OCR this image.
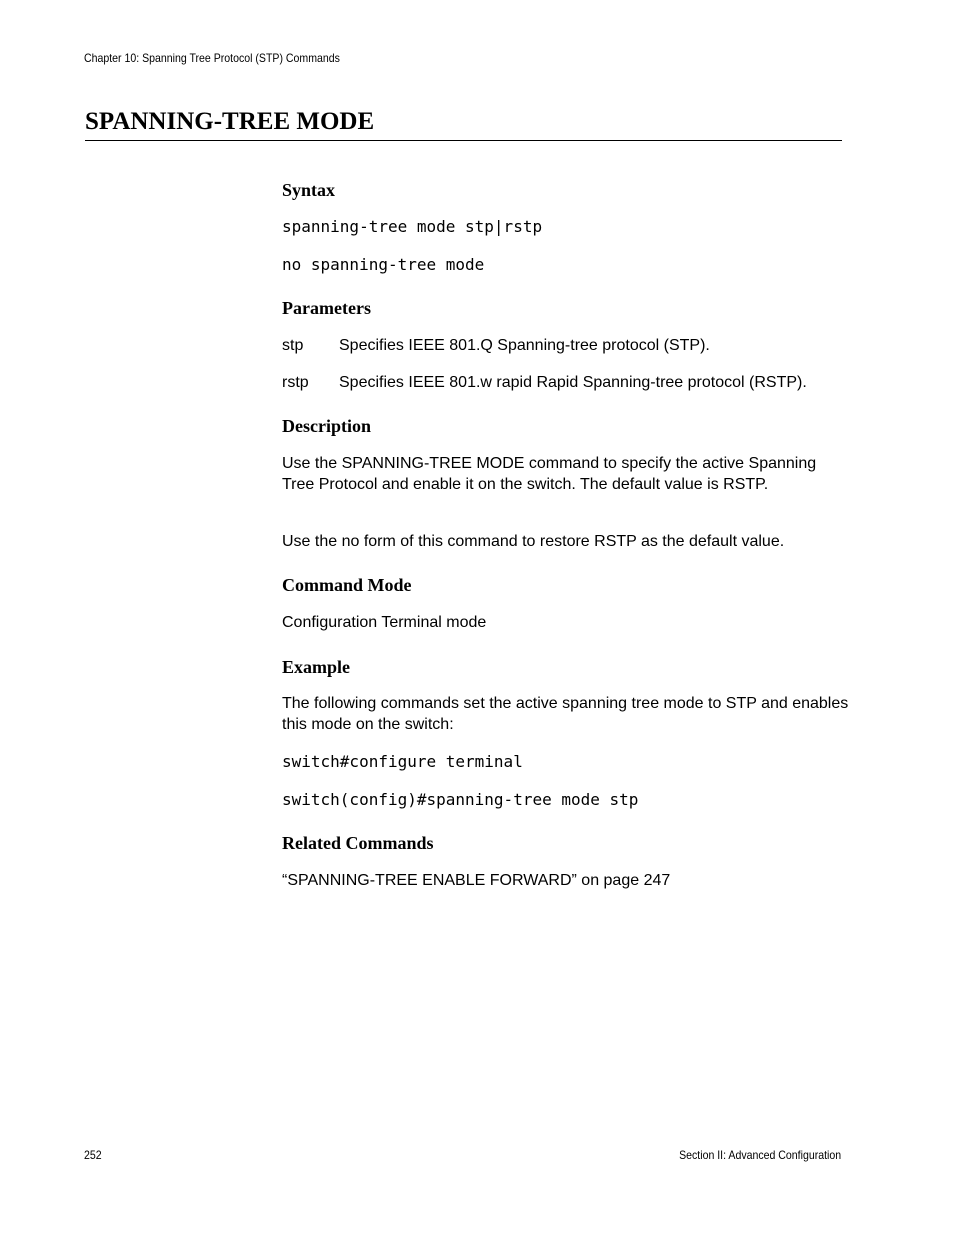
Chapter 10: Spanning Tree Protocol (STP) Commands
SPANNING-TREE MODE
Syntax
spanning-tree mode stp|rstp
no spanning-tree mode
Parameters
stp Specifies IEEE 801.Q Spanning-tree protocol (STP).
rstp Specifies IEEE 801.w rapid Rapid Spanning-tree protocol (RSTP).
Description

Use the SPANNING-TREE MODE command to specify the active Spanning Tree Protocol and enable it on the switch. The default value is RSTP.

Use the no form of this command to restore RSTP as the default value.

Command Mode

Configuration Terminal mode

Example

The following commands set the active spanning tree mode to STP and enables this mode on the switch:

switch#configure terminal
switch(config)#spanning-tree mode stp
Related Commands

“SPANNING-TREE ENABLE FORWARD” on page 247

252	Section II: Advanced Configuration
